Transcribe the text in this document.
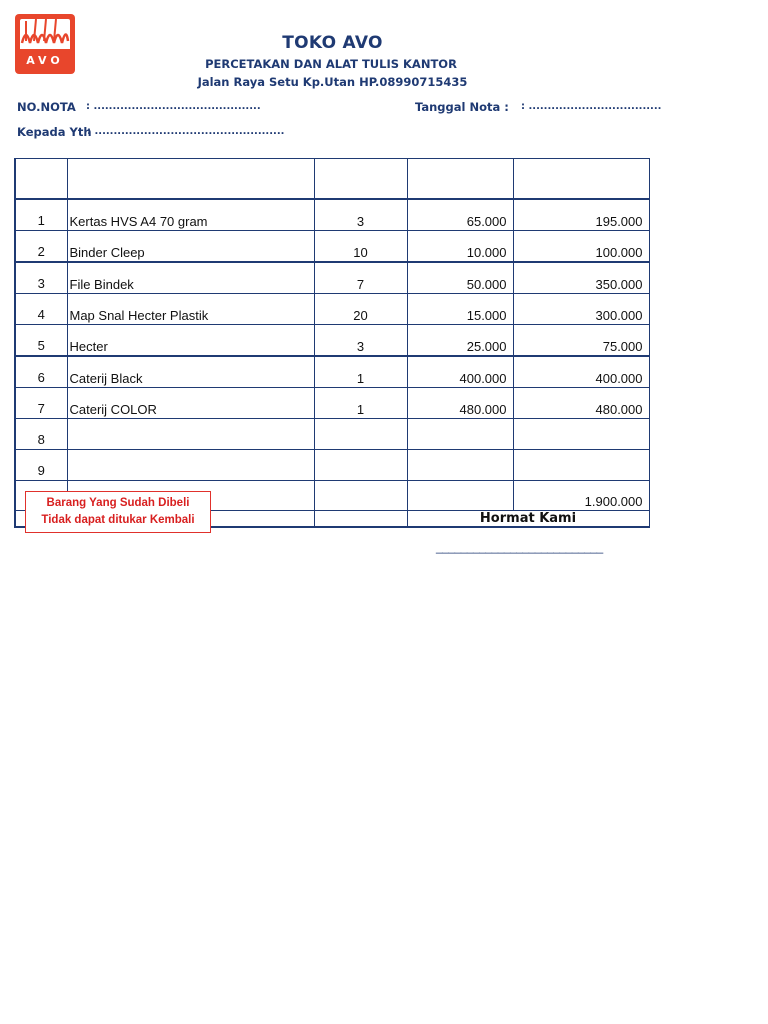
AVO
TOKO AVO
PERCETAKAN DAN ALAT TULIS KANTOR
Jalan Raya Setu Kp.Utan HP.08990715435
NO.NOTA : ............................................	Tanggal Nota : : ...................................
Kepada Yth
: ..................................................

1	Kertas HVS A4 70 gram	3	65.000	195.000
2	Binder Cleep	10	10.000	100.000
3	File Bindek	7	50.000	350.000
4	Map Snal Hecter Plastik	20	15.000	300.000
5	Hecter	3	25.000	75.000
6	Caterij Black	1	400.000	400.000
7	Caterij COLOR	1	480.000	480.000
8				
9				
				1.900.000
			Hormat Kami	
Barang Yang Sudah Dibeli
Tidak dapat ditukar Kembali
___________________________
